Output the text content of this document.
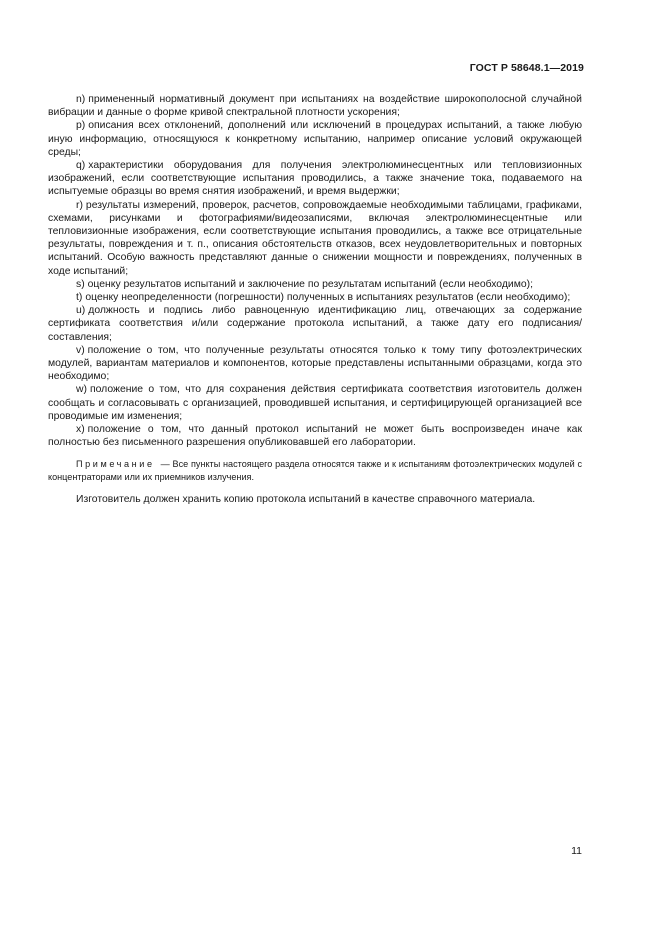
ГОСТ Р 58648.1—2019

n) примененный нормативный документ при испытаниях на воздействие широкополосной случайной вибрации и данные о форме кривой спектральной плотности ускорения;

p) описания всех отклонений, дополнений или исключений в процедурах испытаний, а также любую иную информацию, относящуюся к конкретному испытанию, например описание условий окружающей среды;

q) характеристики оборудования для получения электролюминесцентных или тепловизионных изображений, если соответствующие испытания проводились, а также значение тока, подаваемого на испытуемые образцы во время снятия изображений, и время выдержки;

r) результаты измерений, проверок, расчетов, сопровождаемые необходимыми таблицами, графиками, схемами, рисунками и фотографиями/видеозаписями, включая электролюминесцентные или тепловизионные изображения, если соответствующие испытания проводились, а также все отрицательные результаты, повреждения и т. п., описания обстоятельств отказов, всех неудовлетворительных и повторных испытаний. Особую важность представляют данные о снижении мощности и повреждениях, полученных в ходе испытаний;

s) оценку результатов испытаний и заключение по результатам испытаний (если необходимо);

t) оценку неопределенности (погрешности) полученных в испытаниях результатов (если необходимо);

u) должность и подпись либо равноценную идентификацию лиц, отвечающих за содержание сертификата соответствия и/или содержание протокола испытаний, а также дату его подписания/составления;

v) положение о том, что полученные результаты относятся только к тому типу фотоэлектрических модулей, вариантам материалов и компонентов, которые представлены испытанными образцами, когда это необходимо;

w) положение о том, что для сохранения действия сертификата соответствия изготовитель должен сообщать и согласовывать с организацией, проводившей испытания, и сертифицирующей организацией все проводимые им изменения;

x) положение о том, что данный протокол испытаний не может быть воспроизведен иначе как полностью без письменного разрешения опубликовавшей его лаборатории.

Примечание — Все пункты настоящего раздела относятся также и к испытаниям фотоэлектрических модулей с концентраторами или их приемников излучения.

Изготовитель должен хранить копию протокола испытаний в качестве справочного материала.

11
